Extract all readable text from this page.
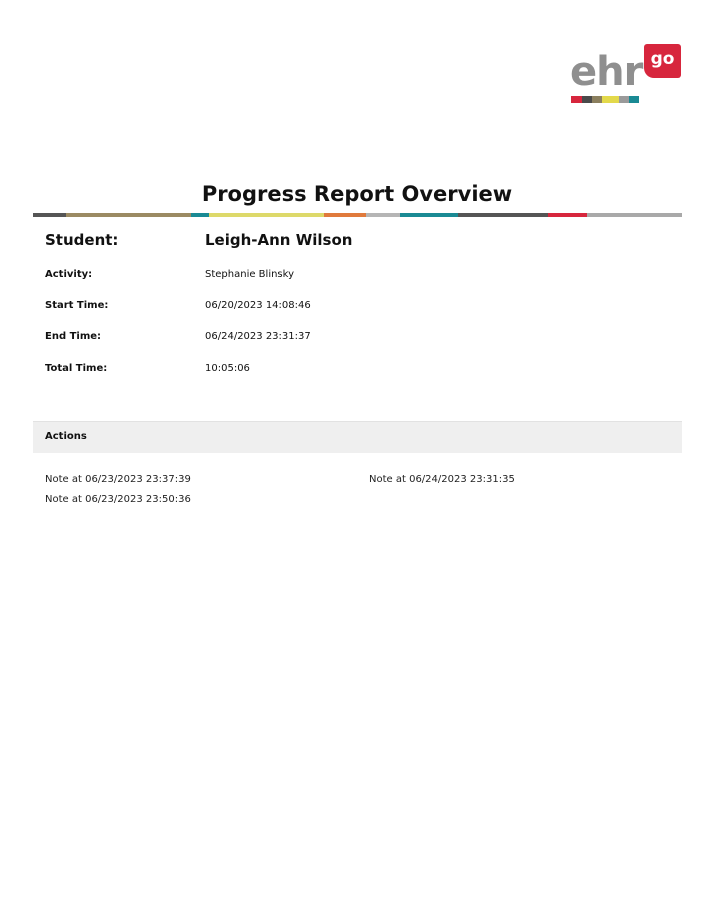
ehr go
Progress Report Overview
Student:	Leigh-Ann Wilson
Activity:	Stephanie Blinsky
Start Time:	06/20/2023 14:08:46
End Time:	06/24/2023 23:31:37
Total Time:	10:05:06
Actions
Note at 06/23/2023 23:37:39	Note at 06/24/2023 23:31:35
Note at 06/23/2023 23:50:36
